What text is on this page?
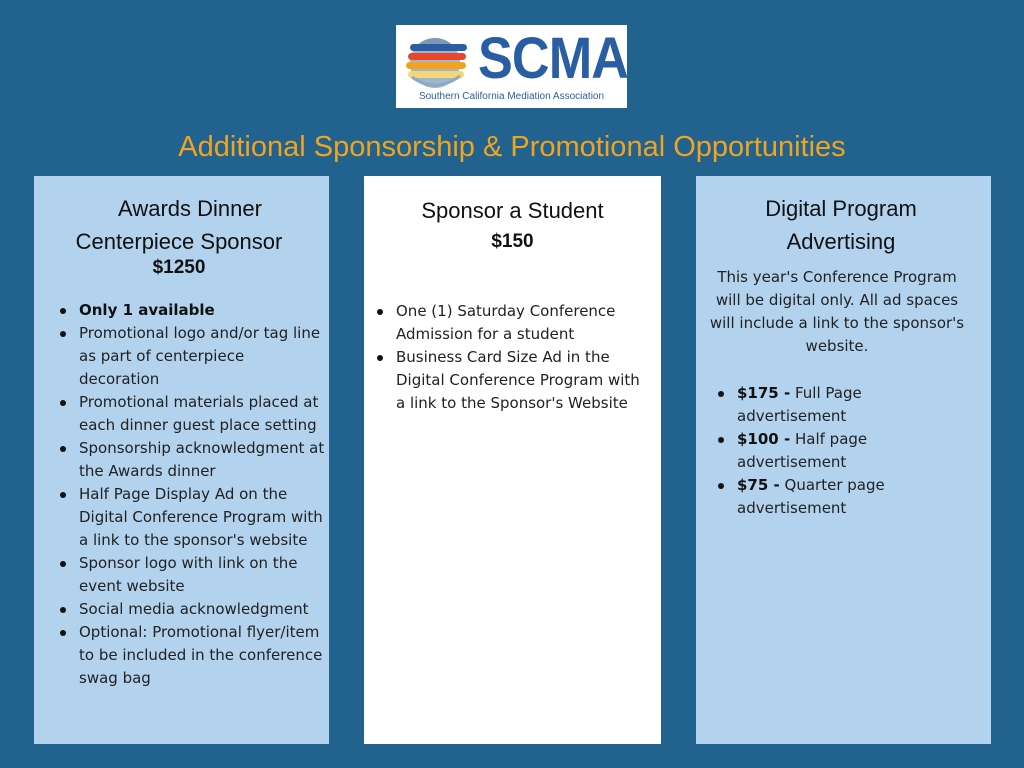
SCMA
Southern California Mediation Association
Additional Sponsorship & Promotional Opportunities
Awards Dinner
Centerpiece Sponsor
$1250
Only 1 available
Promotional logo and/or tag line as part of centerpiece decoration
Promotional materials placed at each dinner guest place setting
Sponsorship acknowledgment at the Awards dinner
Half Page Display Ad on the Digital Conference Program with a link to the sponsor's website
Sponsor logo with link on the event website
Social media acknowledgment
Optional: Promotional flyer/item to be included in the conference swag bag
Sponsor a Student
$150
One (1) Saturday Conference Admission for a student
Business Card Size Ad in the Digital Conference Program with a link to the Sponsor's Website
Digital Program
Advertising
This year's Conference Program will be digital only. All ad spaces will include a link to the sponsor's website.
$175 - Full Page advertisement
$100 - Half page advertisement
$75 - Quarter page advertisement
